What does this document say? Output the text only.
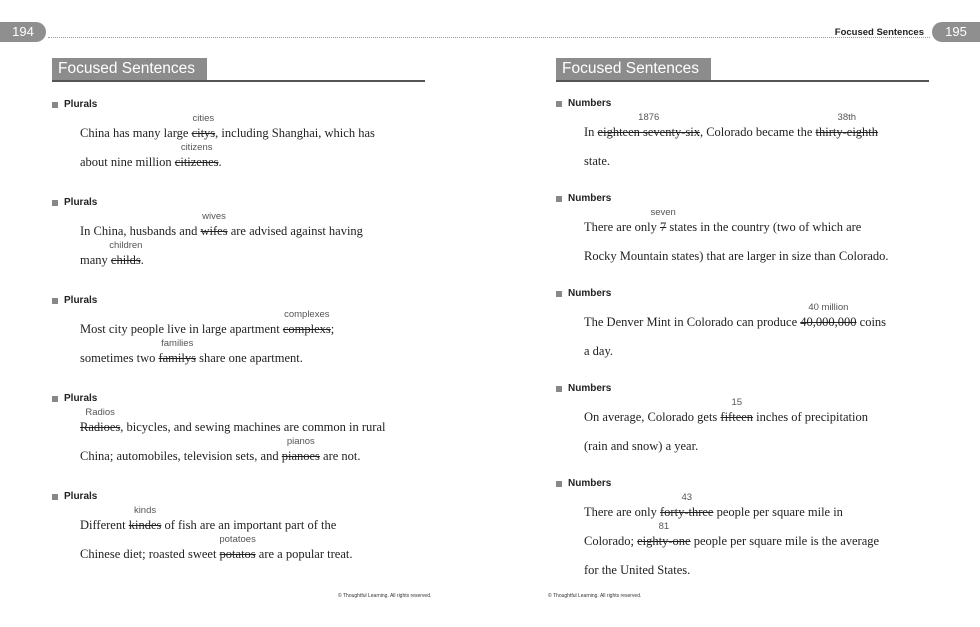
194	Focused Sentences	195
Focused Sentences	Focused Sentences
Plurals
China has many large citys
cities
, including Shanghai, which has
about nine million citizenes
citizens
.
Plurals
In China, husbands and wifes
wives
are advised against having
many childs
children
.
Plurals
Most city people live in large apartment complexs
complexes
;
sometimes two familys
families
share one apartment.
Plurals
Radioes
Radios
, bicycles, and sewing machines are common in rural
China; automobiles, television sets, and pianoes
pianos
are not.
Plurals
Different kindes
kinds
of fish are an important part of the
Chinese diet; roasted sweet potatos
potatoes
are a popular treat.
Numbers
In eighteen seventy-six
1876
, Colorado became the thirty-eighth
38th
state.
Numbers
There are only 7
seven
states in the country (two of which are
Rocky Mountain states) that are larger in size than Colorado.
Numbers
The Denver Mint in Colorado can produce 40,000,000
40 million
coins
a day.
Numbers
On average, Colorado gets fifteen
15
inches of precipitation
(rain and snow) a year.
Numbers
There are only forty-three
43
people per square mile in
Colorado; eighty-one
81
people per square mile is the average
for the United States.
© Thoughtful Learning. All rights reserved.	© Thoughtful Learning. All rights reserved.
